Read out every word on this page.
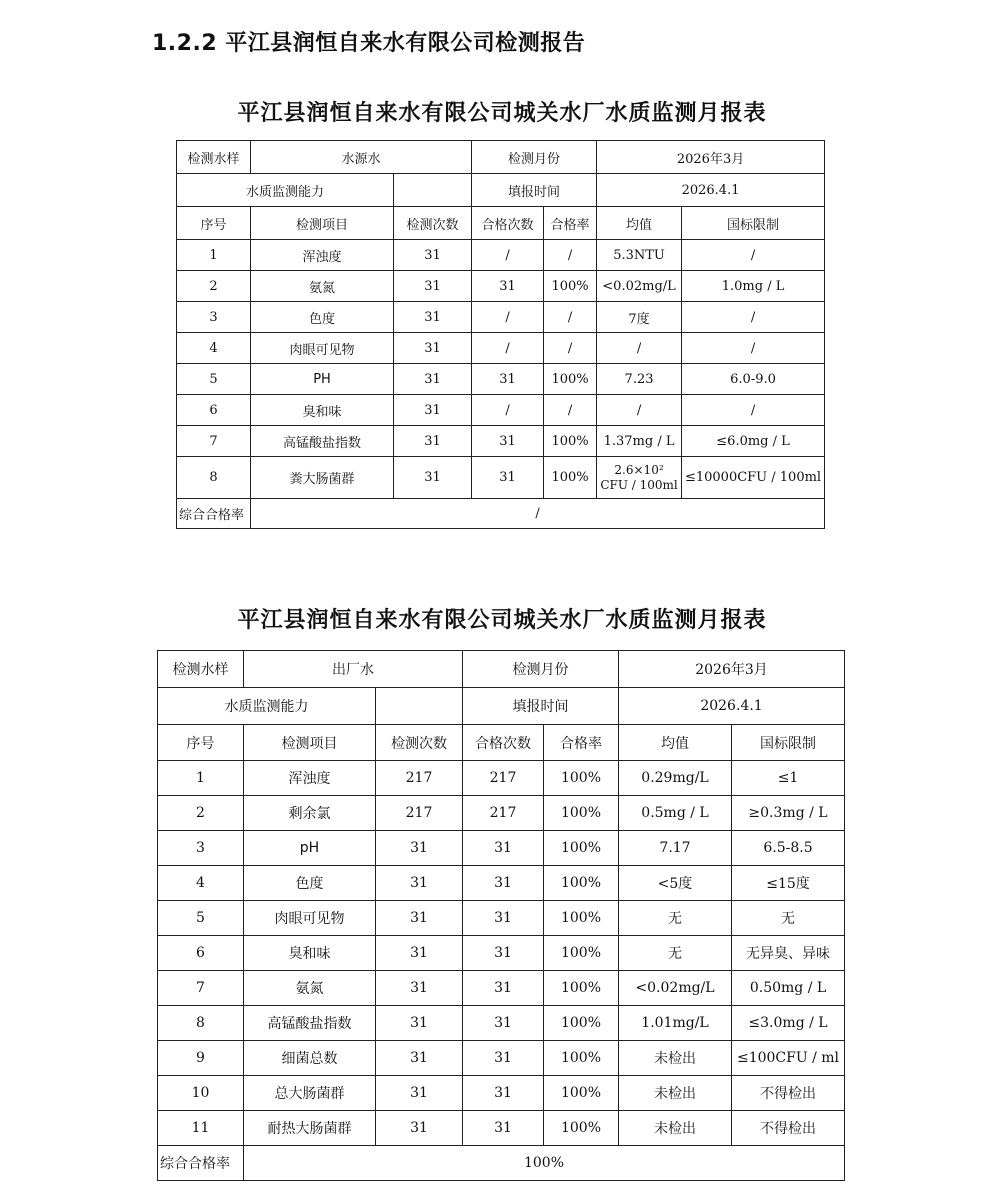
1.2.2 平江县润恒自来水有限公司检测报告
平江县润恒自来水有限公司城关水厂水质监测月报表
检测水样	水源水		检测月份		2026年3月	
水质监测能力			填报时间		2026.4.1	
序号	检测项目	检测次数	合格次数	合格率	均值	国标限制
1	浑浊度	31	/	/	5.3NTU	/
2	氨氮	31	31	100%	<0.02mg/L	1.0mg / L
3	色度	31	/	/	7度	/
4	肉眼可见物	31	/	/	/	/
5	PH	31	31	100%	7.23	6.0-9.0
6	臭和味	31	/	/	/	/
7	高锰酸盐指数	31	31	100%	1.37mg / L	≤6.0mg / L
8	粪大肠菌群	31	31	100%	2.6×10² CFU / 100ml	≤10000CFU / 100ml
综合合格率	/					
平江县润恒自来水有限公司城关水厂水质监测月报表
检测水样	出厂水		检测月份		2026年3月	
水质监测能力			填报时间		2026.4.1	
序号	检测项目	检测次数	合格次数	合格率	均值	国标限制
1	浑浊度	217	217	100%	0.29mg/L	≤1
2	剩余氯	217	217	100%	0.5mg / L	≥0.3mg / L
3	pH	31	31	100%	7.17	6.5-8.5
4	色度	31	31	100%	<5度	≤15度
5	肉眼可见物	31	31	100%	无	无
6	臭和味	31	31	100%	无	无异臭、异味
7	氨氮	31	31	100%	<0.02mg/L	0.50mg / L
8	高锰酸盐指数	31	31	100%	1.01mg/L	≤3.0mg / L
9	细菌总数	31	31	100%	未检出	≤100CFU / ml
10	总大肠菌群	31	31	100%	未检出	不得检出
11	耐热大肠菌群	31	31	100%	未检出	不得检出
综合合格率	100%					
